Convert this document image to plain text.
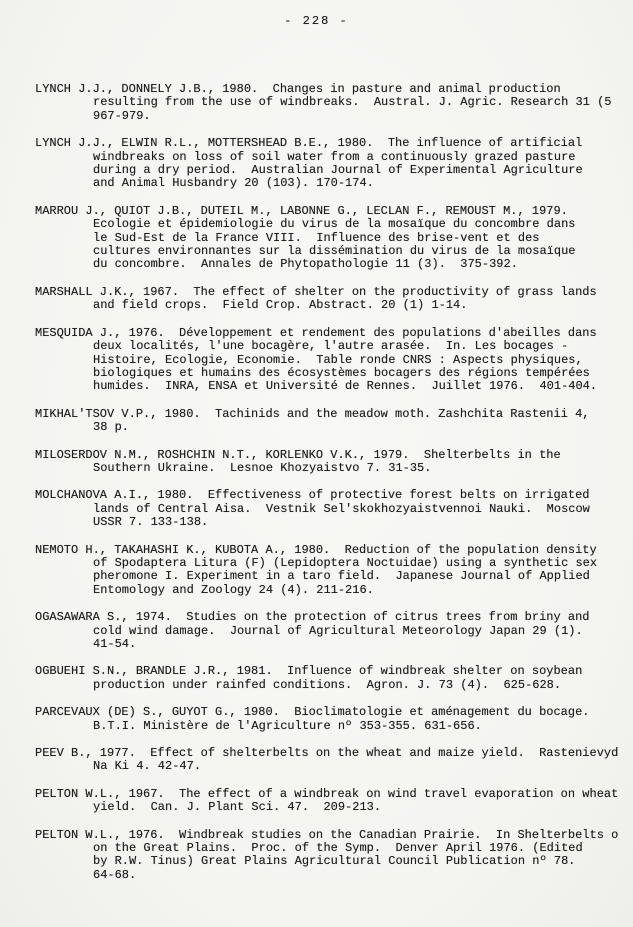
- 228 -
LYNCH J.J., DONNELY J.B., 1980.  Changes in pasture and animal production
resulting from the use of windbreaks.  Austral. J. Agric. Research 31 (5
967-979.
LYNCH J.J., ELWIN R.L., MOTTERSHEAD B.E., 1980.  The influence of artificial
windbreaks on loss of soil water from a continuously grazed pasture
during a dry period.  Australian Journal of Experimental Agriculture
and Animal Husbandry 20 (103). 170-174.
MARROU J., QUIOT J.B., DUTEIL M., LABONNE G., LECLAN F., REMOUST M., 1979.
Ecologie et épidemiologie du virus de la mosaïque du concombre dans
le Sud-Est de la France VIII.  Influence des brise-vent et des
cultures environnantes sur la dissémination du virus de la mosaïque
du concombre.  Annales de Phytopathologie 11 (3).  375-392.
MARSHALL J.K., 1967.  The effect of shelter on the productivity of grass lands
and field crops.  Field Crop. Abstract. 20 (1) 1-14.
MESQUIDA J., 1976.  Développement et rendement des populations d'abeilles dans
deux localités, l'une bocagère, l'autre arasée.  In. Les bocages -
Histoire, Ecologie, Economie.  Table ronde CNRS : Aspects physiques,
biologiques et humains des écosystèmes bocagers des régions tempérées
humides.  INRA, ENSA et Université de Rennes.  Juillet 1976.  401-404.
MIKHAL'TSOV V.P., 1980.  Tachinids and the meadow moth. Zashchita Rastenii 4,
38 p.
MILOSERDOV N.M., ROSHCHIN N.T., KORLENKO V.K., 1979.  Shelterbelts in the
Southern Ukraine.  Lesnoe Khozyaistvo 7. 31-35.
MOLCHANOVA A.I., 1980.  Effectiveness of protective forest belts on irrigated
lands of Central Aisa.  Vestnik Sel'skokhozyaistvennoi Nauki.  Moscow
USSR 7. 133-138.
NEMOTO H., TAKAHASHI K., KUBOTA A., 1980.  Reduction of the population density
of Spodaptera Litura (F) (Lepidoptera Noctuidae) using a synthetic sex
pheromone I. Experiment in a taro field.  Japanese Journal of Applied
Entomology and Zoology 24 (4). 211-216.
OGASAWARA S., 1974.  Studies on the protection of citrus trees from briny and
cold wind damage.  Journal of Agricultural Meteorology Japan 29 (1).
41-54.
OGBUEHI S.N., BRANDLE J.R., 1981.  Influence of windbreak shelter on soybean
production under rainfed conditions.  Agron. J. 73 (4).  625-628.
PARCEVAUX (DE) S., GUYOT G., 1980.  Bioclimatologie et aménagement du bocage.
B.T.I. Ministère de l'Agriculture nº 353-355. 631-656.
PEEV B., 1977.  Effect of shelterbelts on the wheat and maize yield.  Rastenievyd
Na Ki 4. 42-47.
PELTON W.L., 1967.  The effect of a windbreak on wind travel evaporation on wheat
yield.  Can. J. Plant Sci. 47.  209-213.
PELTON W.L., 1976.  Windbreak studies on the Canadian Prairie.  In Shelterbelts o
on the Great Plains.  Proc. of the Symp.  Denver April 1976. (Edited
by R.W. Tinus) Great Plains Agricultural Council Publication nº 78.
64-68.
